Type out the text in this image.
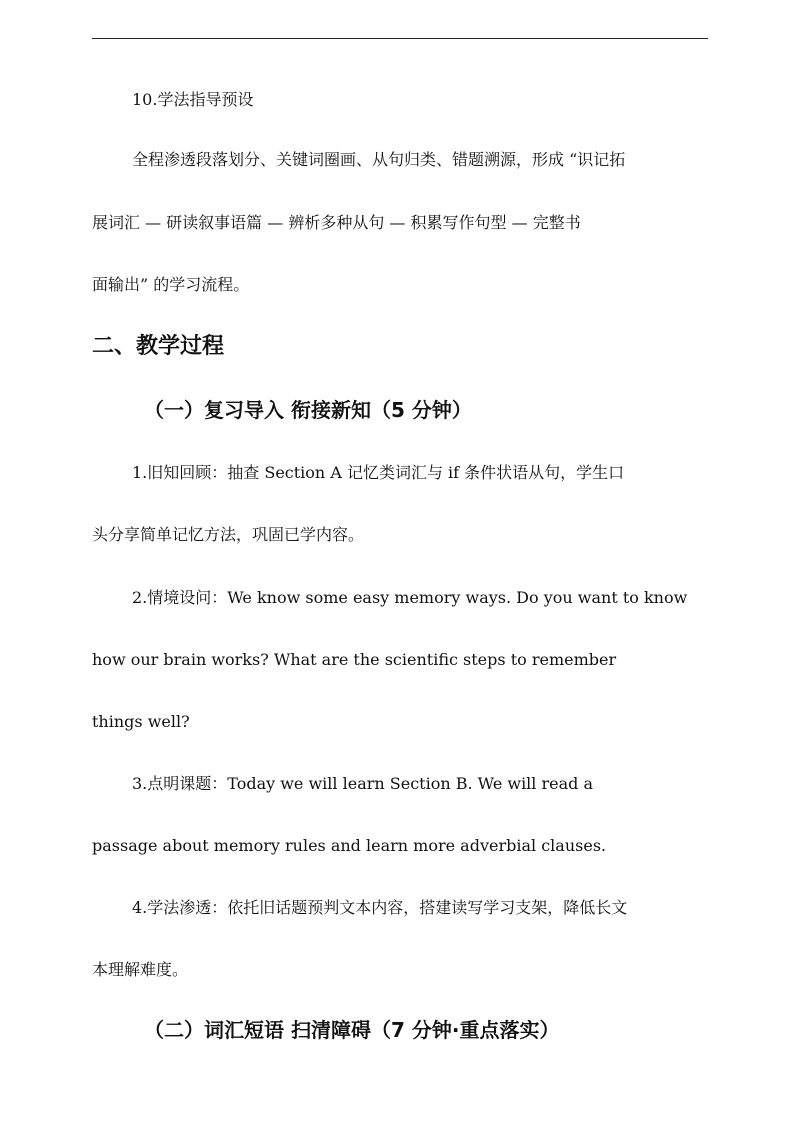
10.学法指导预设
全程渗透段落划分、关键词圈画、从句归类、错题溯源，形成 “识记拓
展词汇 — 研读叙事语篇 — 辨析多种从句 — 积累写作句型 — 完整书
面输出” 的学习流程。
二、教学过程
（一）复习导入 衔接新知（5 分钟）
1.旧知回顾：抽查 Section A 记忆类词汇与 if 条件状语从句，学生口
头分享简单记忆方法，巩固已学内容。
2.情境设问：We know some easy memory ways. Do you want to know
how our brain works? What are the scientific steps to remember
things well?
3.点明课题：Today we will learn Section B. We will read a
passage about memory rules and learn more adverbial clauses.
4.学法渗透：依托旧话题预判文本内容，搭建读写学习支架，降低长文
本理解难度。
（二）词汇短语 扫清障碍（7 分钟·重点落实）
